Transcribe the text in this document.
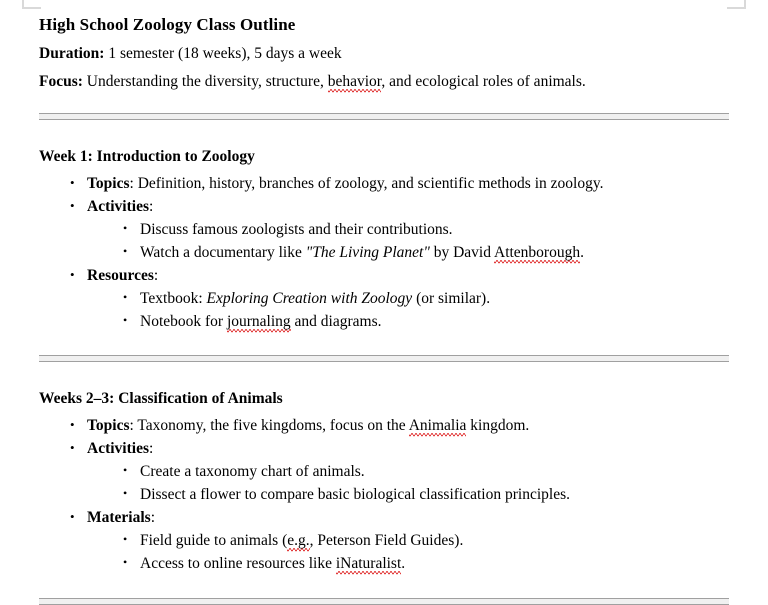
High School Zoology Class Outline

Duration: 1 semester (18 weeks), 5 days a week

Focus: Understanding the diversity, structure, behavior, and ecological roles of animals.

Week 1: Introduction to Zoology
• Topics: Definition, history, branches of zoology, and scientific methods in zoology.
• Activities:
• Discuss famous zoologists and their contributions.
• Watch a documentary like "The Living Planet" by David Attenborough.
• Resources:
• Textbook: Exploring Creation with Zoology (or similar).
• Notebook for journaling and diagrams.
Weeks 2–3: Classification of Animals
• Topics: Taxonomy, the five kingdoms, focus on the Animalia kingdom.
• Activities:
• Create a taxonomy chart of animals.
• Dissect a flower to compare basic biological classification principles.
• Materials:
• Field guide to animals (e.g., Peterson Field Guides).
• Access to online resources like iNaturalist.
